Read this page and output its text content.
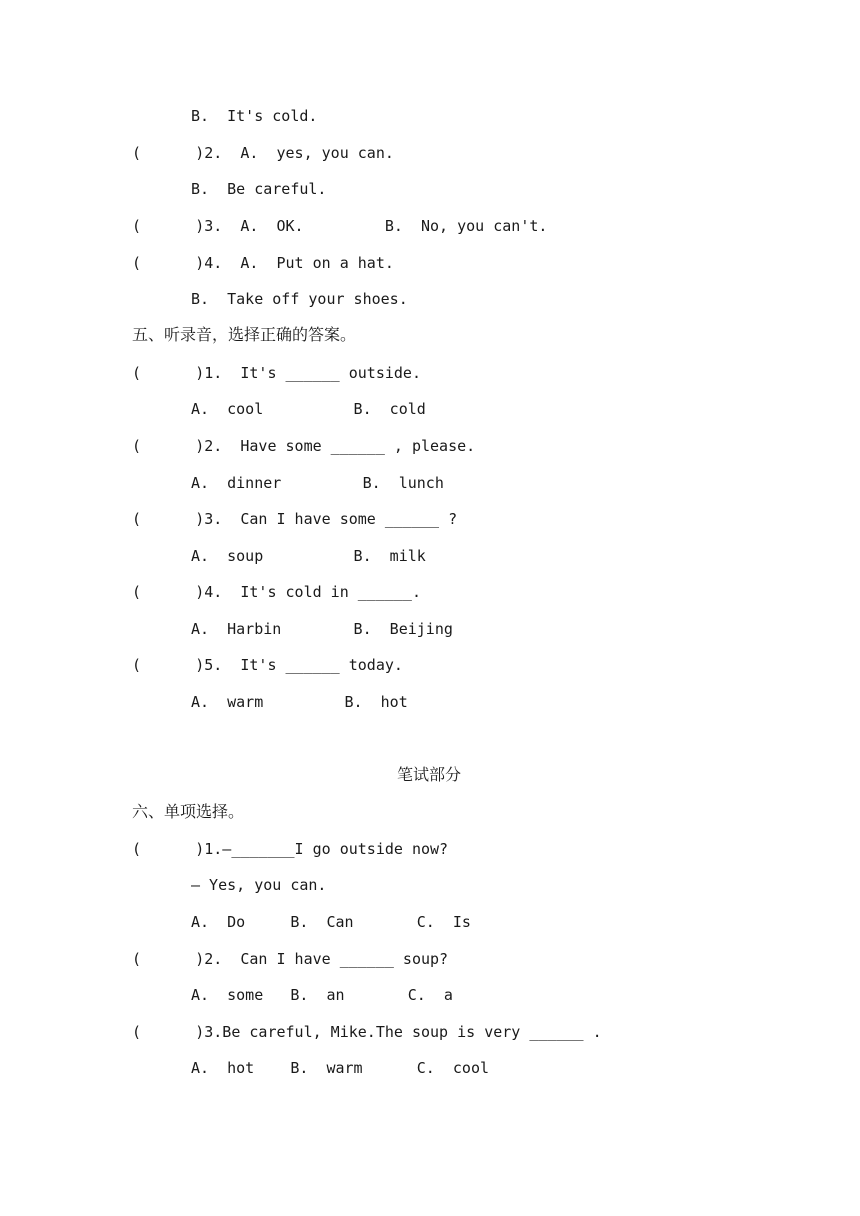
B.  It's cold.
(      )2.  A.  yes, you can.
B.  Be careful.
(      )3.  A.  OK.         B.  No, you can't.
(      )4.  A.  Put on a hat.
B.  Take off your shoes.
五、听录音，选择正确的答案。
(      )1.  It's ______ outside.
A.  cool          B.  cold
(      )2.  Have some ______ , please.
A.  dinner         B.  lunch
(      )3.  Can I have some ______ ?
A.  soup          B.  milk
(      )4.  It's cold in ______.
A.  Harbin        B.  Beijing
(      )5.  It's ______ today.
A.  warm         B.  hot
笔试部分
六、单项选择。
(      )1.—_______I go outside now?
— Yes, you can.
A.  Do     B.  Can       C.  Is
(      )2.  Can I have ______ soup?
A.  some   B.  an       C.  a
(      )3.Be careful, Mike.The soup is very ______ .
A.  hot    B.  warm      C.  cool
